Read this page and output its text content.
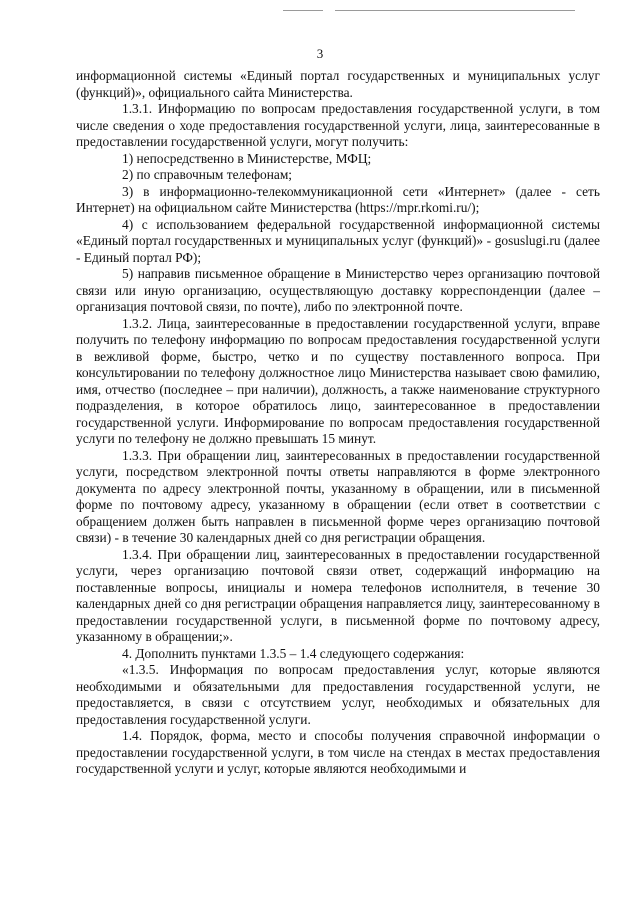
3

информационной системы «Единый портал государственных и муниципальных услуг (функций)», официального сайта Министерства.

1.3.1. Информацию по вопросам предоставления государственной услуги, в том числе сведения о ходе предоставления государственной услуги, лица, заинтересованные в предоставлении государственной услуги, могут получить:

1) непосредственно в Министерстве, МФЦ;

2) по справочным телефонам;

3) в информационно-телекоммуникационной сети «Интернет» (далее - сеть Интернет) на официальном сайте Министерства (https://mpr.rkomi.ru/);

4) с использованием федеральной государственной информационной системы «Единый портал государственных и муниципальных услуг (функций)» - gosuslugi.ru (далее - Единый портал РФ);

5) направив письменное обращение в Министерство через организацию почтовой связи или иную организацию, осуществляющую доставку корреспонденции (далее – организация почтовой связи, по почте), либо по электронной почте.

1.3.2. Лица, заинтересованные в предоставлении государственной услуги, вправе получить по телефону информацию по вопросам предоставления государственной услуги в вежливой форме, быстро, четко и по существу поставленного вопроса. При консультировании по телефону должностное лицо Министерства называет свою фамилию, имя, отчество (последнее – при наличии), должность, а также наименование структурного подразделения, в которое обратилось лицо, заинтересованное в предоставлении государственной услуги. Информирование по вопросам предоставления государственной услуги по телефону не должно превышать 15 минут.

1.3.3. При обращении лиц, заинтересованных в предоставлении государственной услуги, посредством электронной почты ответы направляются в форме электронного документа по адресу электронной почты, указанному в обращении, или в письменной форме по почтовому адресу, указанному в обращении (если ответ в соответствии с обращением должен быть направлен в письменной форме через организацию почтовой связи) - в течение 30 календарных дней со дня регистрации обращения.

1.3.4. При обращении лиц, заинтересованных в предоставлении государственной услуги, через организацию почтовой связи ответ, содержащий информацию на поставленные вопросы, инициалы и номера телефонов исполнителя, в течение 30 календарных дней со дня регистрации обращения направляется лицу, заинтересованному в предоставлении государственной услуги, в письменной форме по почтовому адресу, указанному в обращении;».

4. Дополнить пунктами 1.3.5 – 1.4 следующего содержания:

«1.3.5. Информация по вопросам предоставления услуг, которые являются необходимыми и обязательными для предоставления государственной услуги, не предоставляется, в связи с отсутствием услуг, необходимых и обязательных для предоставления государственной услуги.

1.4. Порядок, форма, место и способы получения справочной информации о предоставлении государственной услуги, в том числе на стендах в местах предоставления государственной услуги и услуг, которые являются необходимыми и
